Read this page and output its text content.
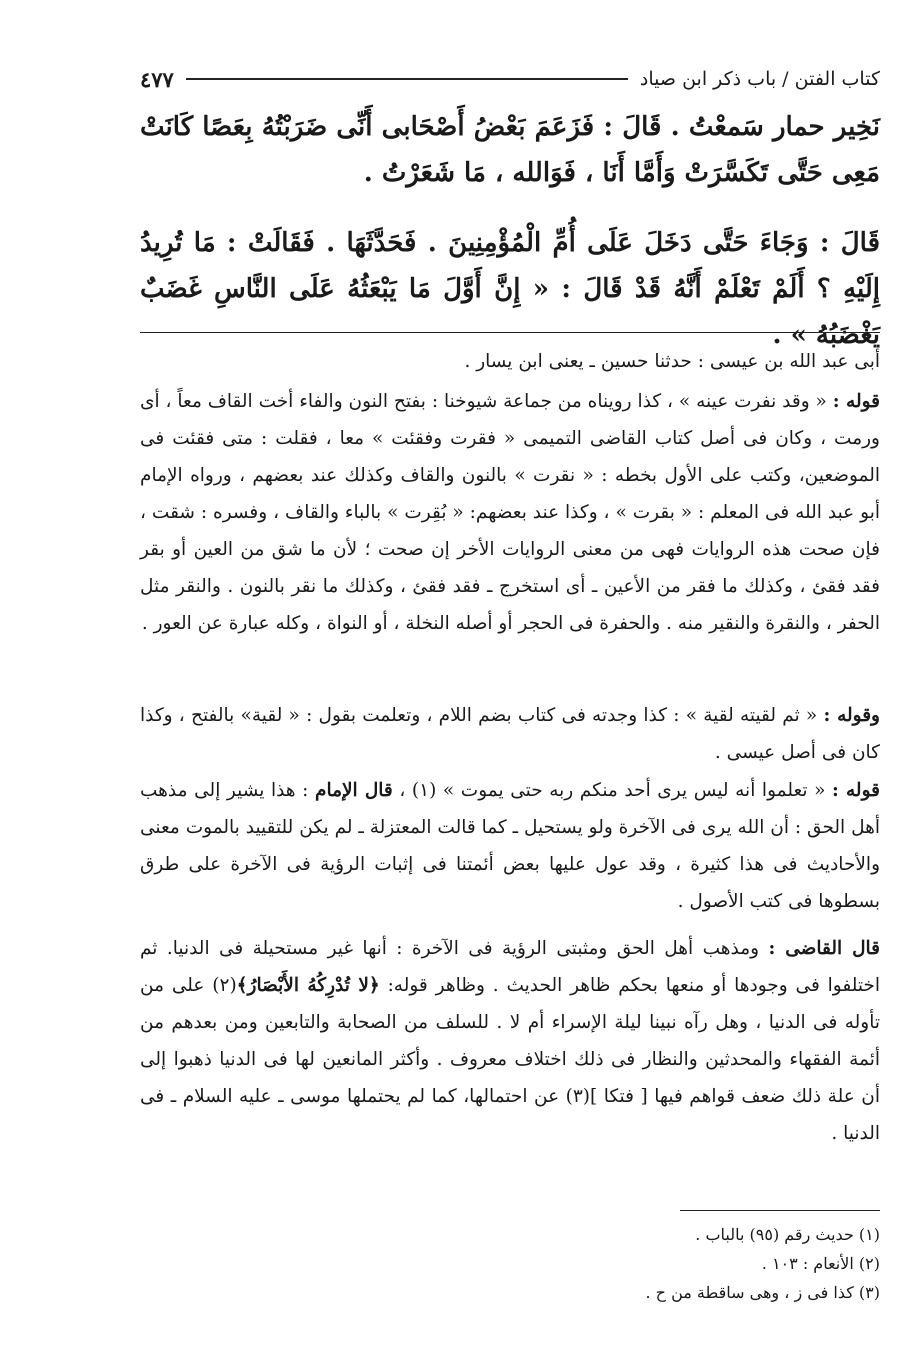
كتاب الفتن / باب ذكر ابن صياد
٤٧٧

نَخِير حمار سَمعْتُ . قَالَ : فَزَعَمَ بَعْضُ أَصْحَابى أَنِّى ضَرَبْتُهُ بِعَصًا كَانَتْ مَعِى حَتَّى تَكَسَّرَتْ وَأَمَّا أَنَا ، فَوَالله ، مَا شَعَرْتُ .

قَالَ : وَجَاءَ حَتَّى دَخَلَ عَلَى أُمِّ الْمُؤْمِنِينَ . فَحَدَّثَهَا . فَقَالَتْ : مَا تُرِيدُ إِلَيْهِ ؟ أَلَمْ تَعْلَمْ أَنَّهُ قَدْ قَالَ : « إِنَّ أَوَّلَ مَا يَبْعَثُهُ عَلَى النَّاسِ غَضَبٌ يَغْضَبُهُ » .

أبى عبد الله بن عيسى : حدثنا حسين ـ يعنى ابن يسار .

قوله : « وقد نفرت عينه » ، كذا رويناه من جماعة شيوخنا : بفتح النون والفاء أخت القاف معاً ، أى ورمت ، وكان فى أصل كتاب القاضى التميمى « فقرت وفقئت » معا ، فقلت : متى فقئت فى الموضعين، وكتب على الأول بخطه : « نقرت » بالنون والقاف وكذلك عند بعضهم ، ورواه الإمام أبو عبد الله فى المعلم : « بقرت » ، وكذا عند بعضهم: « بُقِرت » بالباء والقاف ، وفسره : شقت ، فإن صحت هذه الروايات فهى من معنى الروايات الأخر إن صحت ؛ لأن ما شق من العين أو بقر فقد فقئ ، وكذلك ما فقر من الأعين ـ أى استخرج ـ فقد فقئ ، وكذلك ما نقر بالنون . والنقر مثل الحفر ، والنقرة والنقير منه . والحفرة فى الحجر أو أصله النخلة ، أو النواة ، وكله عبارة عن العور .

وقوله : « ثم لقيته لقية » : كذا وجدته فى كتاب بضم اللام ، وتعلمت بقول : « لقية» بالفتح ، وكذا كان فى أصل عيسى .

قوله : « تعلموا أنه ليس يرى أحد منكم ربه حتى يموت » (١) ، قال الإمام : هذا يشير إلى مذهب أهل الحق : أن الله يرى فى الآخرة ولو يستحيل ـ كما قالت المعتزلة ـ لم يكن للتقييد بالموت معنى والأحاديث فى هذا كثيرة ، وقد عول عليها بعض أئمتنا فى إثبات الرؤية فى الآخرة على طرق بسطوها فى كتب الأصول .

قال القاضى : ومذهب أهل الحق ومثبتى الرؤية فى الآخرة : أنها غير مستحيلة فى الدنيا. ثم اختلفوا فى وجودها أو منعها بحكم ظاهر الحديث . وظاهر قوله: ﴿لا تُدْرِكُهُ الأَبْصَارُ﴾(٢) على من تأوله فى الدنيا ، وهل رآه نبينا ليلة الإسراء أم لا . للسلف من الصحابة والتابعين ومن بعدهم من أئمة الفقهاء والمحدثين والنظار فى ذلك اختلاف معروف . وأكثر المانعين لها فى الدنيا ذهبوا إلى أن علة ذلك ضعف قواهم فيها [ فتكا ](٣) عن احتمالها، كما لم يحتملها موسى ـ عليه السلام ـ فى الدنيا .

(١) حديث رقم (٩٥) بالباب .

(٢) الأنعام : ١٠٣ .

(٣) كذا فى ز ، وهى ساقطة من ح .
